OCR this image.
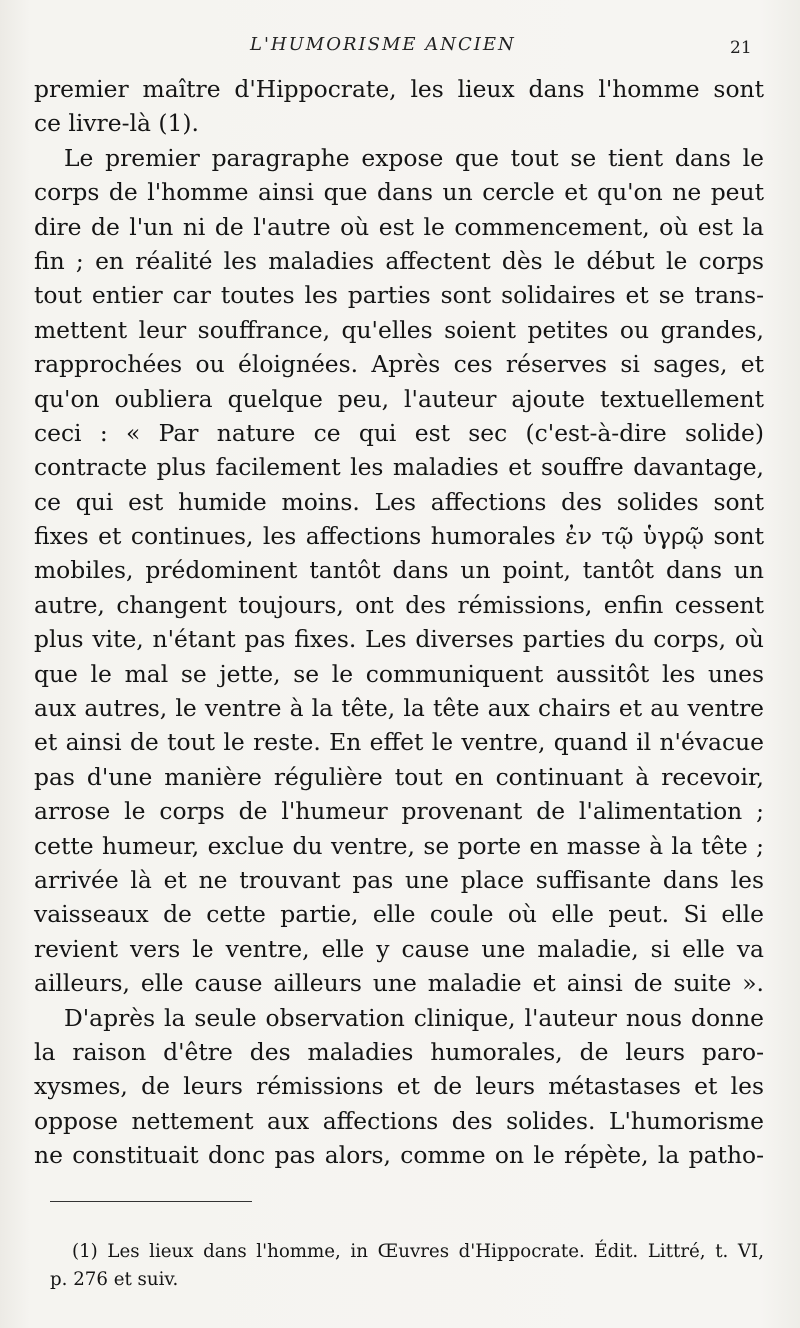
L'HUMORISME ANCIEN	21
premier maître d'Hippocrate, les lieux dans l'homme sont
ce livre-là (1).
Le premier paragraphe expose que tout se tient dans le
corps de l'homme ainsi que dans un cercle et qu'on ne peut
dire de l'un ni de l'autre où est le commencement, où est la
fin ; en réalité les maladies affectent dès le début le corps
tout entier car toutes les parties sont solidaires et se trans-
mettent leur souffrance, qu'elles soient petites ou grandes,
rapprochées ou éloignées. Après ces réserves si sages, et
qu'on oubliera quelque peu, l'auteur ajoute textuellement
ceci : « Par nature ce qui est sec (c'est-à-dire solide)
contracte plus facilement les maladies et souffre davantage,
ce qui est humide moins. Les affections des solides sont
fixes et continues, les affections humorales ἐν τῷ ὑγρῷ sont
mobiles, prédominent tantôt dans un point, tantôt dans un
autre, changent toujours, ont des rémissions, enfin cessent
plus vite, n'étant pas fixes. Les diverses parties du corps, où
que le mal se jette, se le communiquent aussitôt les unes
aux autres, le ventre à la tête, la tête aux chairs et au ventre
et ainsi de tout le reste. En effet le ventre, quand il n'évacue
pas d'une manière régulière tout en continuant à recevoir,
arrose le corps de l'humeur provenant de l'alimentation ;
cette humeur, exclue du ventre, se porte en masse à la tête ;
arrivée là et ne trouvant pas une place suffisante dans les
vaisseaux de cette partie, elle coule où elle peut. Si elle
revient vers le ventre, elle y cause une maladie, si elle va
ailleurs, elle cause ailleurs une maladie et ainsi de suite ».
D'après la seule observation clinique, l'auteur nous donne
la raison d'être des maladies humorales, de leurs paro-
xysmes, de leurs rémissions et de leurs métastases et les
oppose nettement aux affections des solides. L'humorisme
ne constituait donc pas alors, comme on le répète, la patho-
(1) Les lieux dans l'homme, in Œuvres d'Hippocrate. Édit. Littré, t. VI,
p. 276 et suiv.
